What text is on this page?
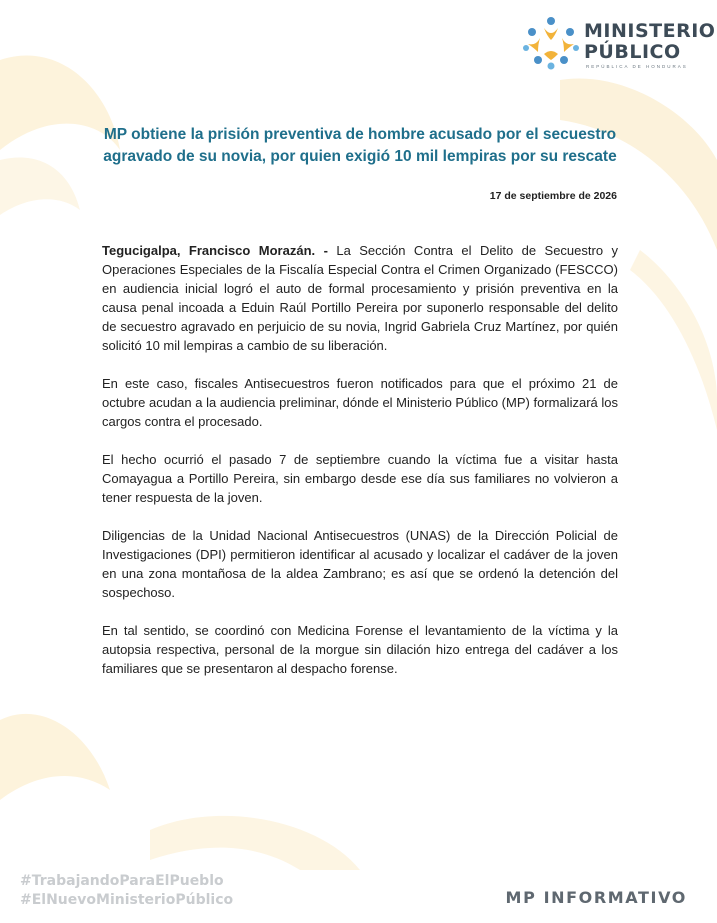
MINISTERIO
PÚBLICO
REPÚBLICA DE HONDURAS
MP obtiene la prisión preventiva de hombre acusado por el secuestro agravado de su novia, por quien exigió 10 mil lempiras por su rescate
17 de septiembre de 2026

Tegucigalpa, Francisco Morazán. - La Sección Contra el Delito de Secuestro y Operaciones Especiales de la Fiscalía Especial Contra el Crimen Organizado (FESCCO) en audiencia inicial logró el auto de formal procesamiento y prisión preventiva en la causa penal incoada a Eduin Raúl Portillo Pereira por suponerlo responsable del delito de secuestro agravado en perjuicio de su novia, Ingrid Gabriela Cruz Martínez, por quién solicitó 10 mil lempiras a cambio de su liberación.

En este caso, fiscales Antisecuestros fueron notificados para que el próximo 21 de octubre acudan a la audiencia preliminar, dónde el Ministerio Público (MP) formalizará los cargos contra el procesado.

El hecho ocurrió el pasado 7 de septiembre cuando la víctima fue a visitar hasta Comayagua a Portillo Pereira, sin embargo desde ese día sus familiares no volvieron a tener respuesta de la joven.

Diligencias de la Unidad Nacional Antisecuestros (UNAS) de la Dirección Policial de Investigaciones (DPI) permitieron identificar al acusado y localizar el cadáver de la joven en una zona montañosa de la aldea Zambrano; es así que se ordenó la detención del sospechoso.

En tal sentido, se coordinó con Medicina Forense el levantamiento de la víctima y la autopsia respectiva, personal de la morgue sin dilación hizo entrega del cadáver a los familiares que se presentaron al despacho forense.

#TrabajandoParaElPueblo
#ElNuevoMinisterioPúblico	MP INFORMATIVO
